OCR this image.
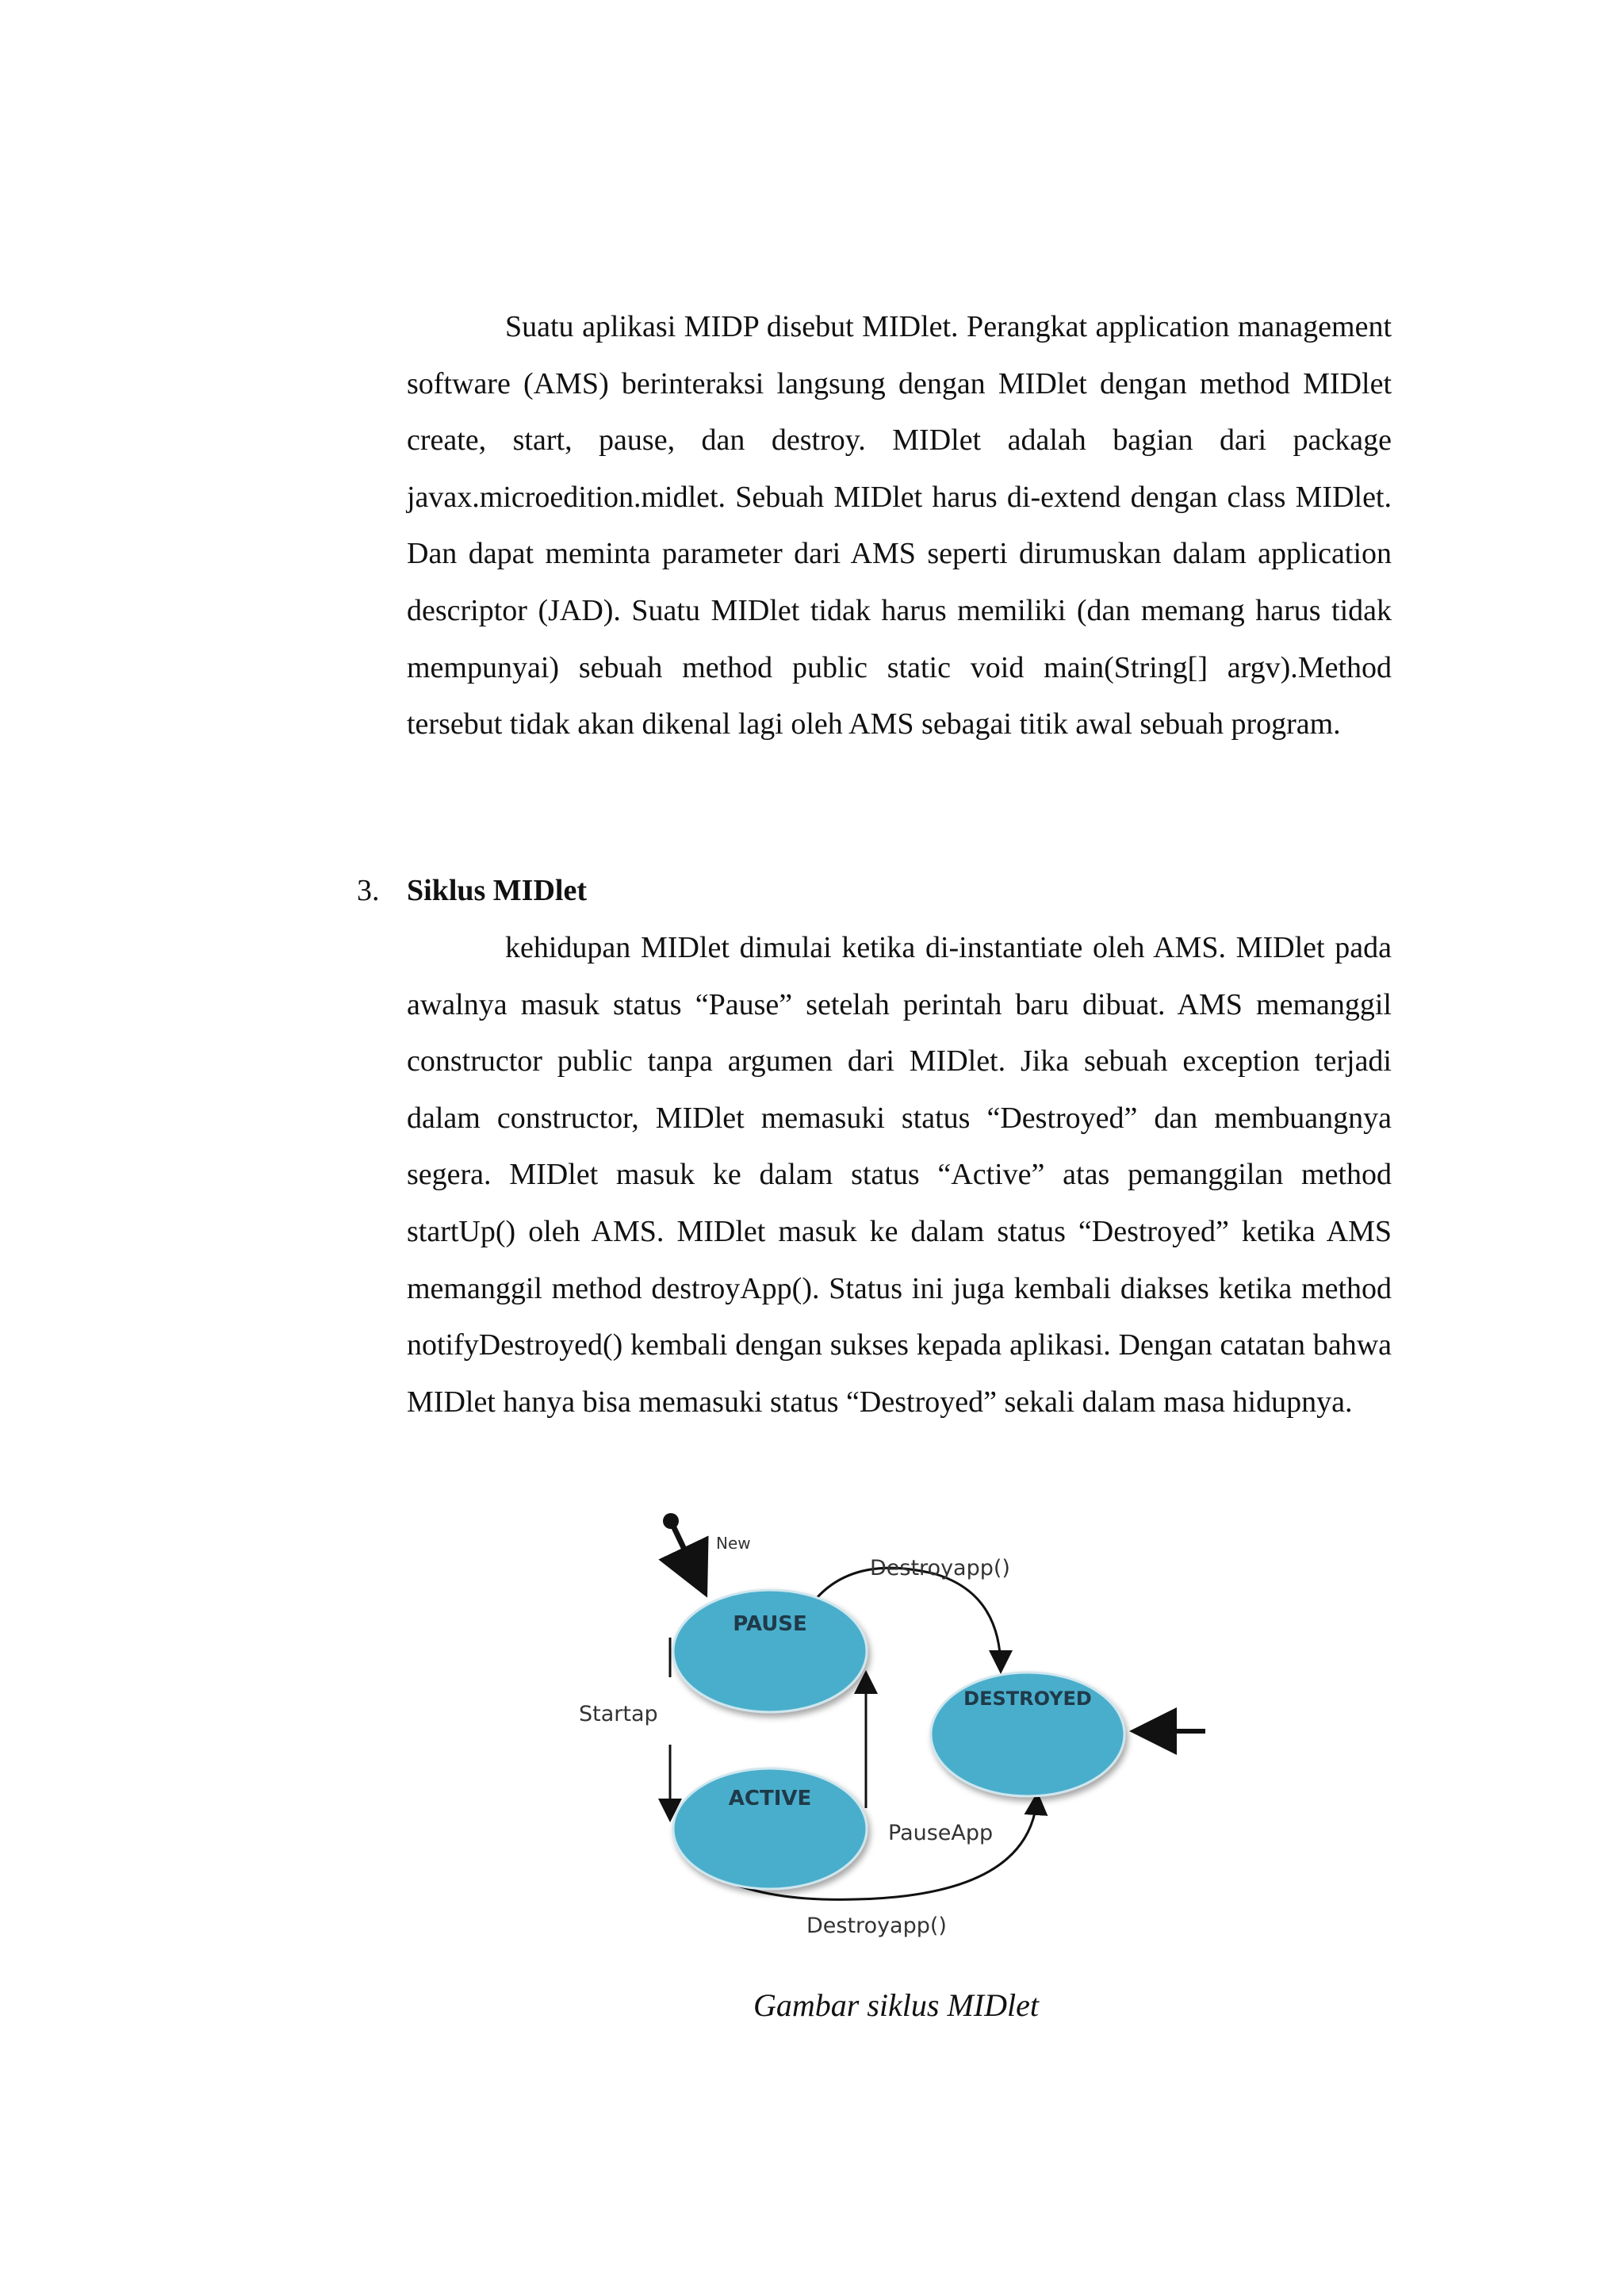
Suatu aplikasi MIDP disebut MIDlet. Perangkat application management software (AMS) berinteraksi langsung dengan MIDlet dengan method MIDlet create, start, pause, dan destroy. MIDlet adalah bagian dari package javax.microedition.midlet. Sebuah MIDlet harus di-extend dengan class MIDlet. Dan dapat meminta parameter dari AMS seperti dirumuskan dalam application descriptor (JAD). Suatu MIDlet tidak harus memiliki (dan memang harus tidak mempunyai) sebuah method public static void main(String[] argv).Method tersebut tidak akan dikenal lagi oleh AMS sebagai titik awal sebuah program.

3. Siklus MIDlet

kehidupan MIDlet dimulai ketika di-instantiate oleh AMS. MIDlet pada awalnya masuk status “Pause” setelah perintah baru dibuat. AMS memanggil constructor public tanpa argumen dari MIDlet. Jika sebuah exception terjadi dalam constructor, MIDlet memasuki status “Destroyed” dan membuangnya segera. MIDlet masuk ke dalam status “Active” atas pemanggilan method startUp() oleh AMS. MIDlet masuk ke dalam status “Destroyed” ketika AMS memanggil method destroyApp(). Status ini juga kembali diakses ketika method notifyDestroyed() kembali dengan sukses kepada aplikasi. Dengan catatan bahwa MIDlet hanya bisa memasuki status “Destroyed” sekali dalam masa hidupnya.

New
Destroyapp()
Startap
PauseApp
Destroyapp()
PAUSE
ACTIVE
DESTROYED

Gambar siklus MIDlet
